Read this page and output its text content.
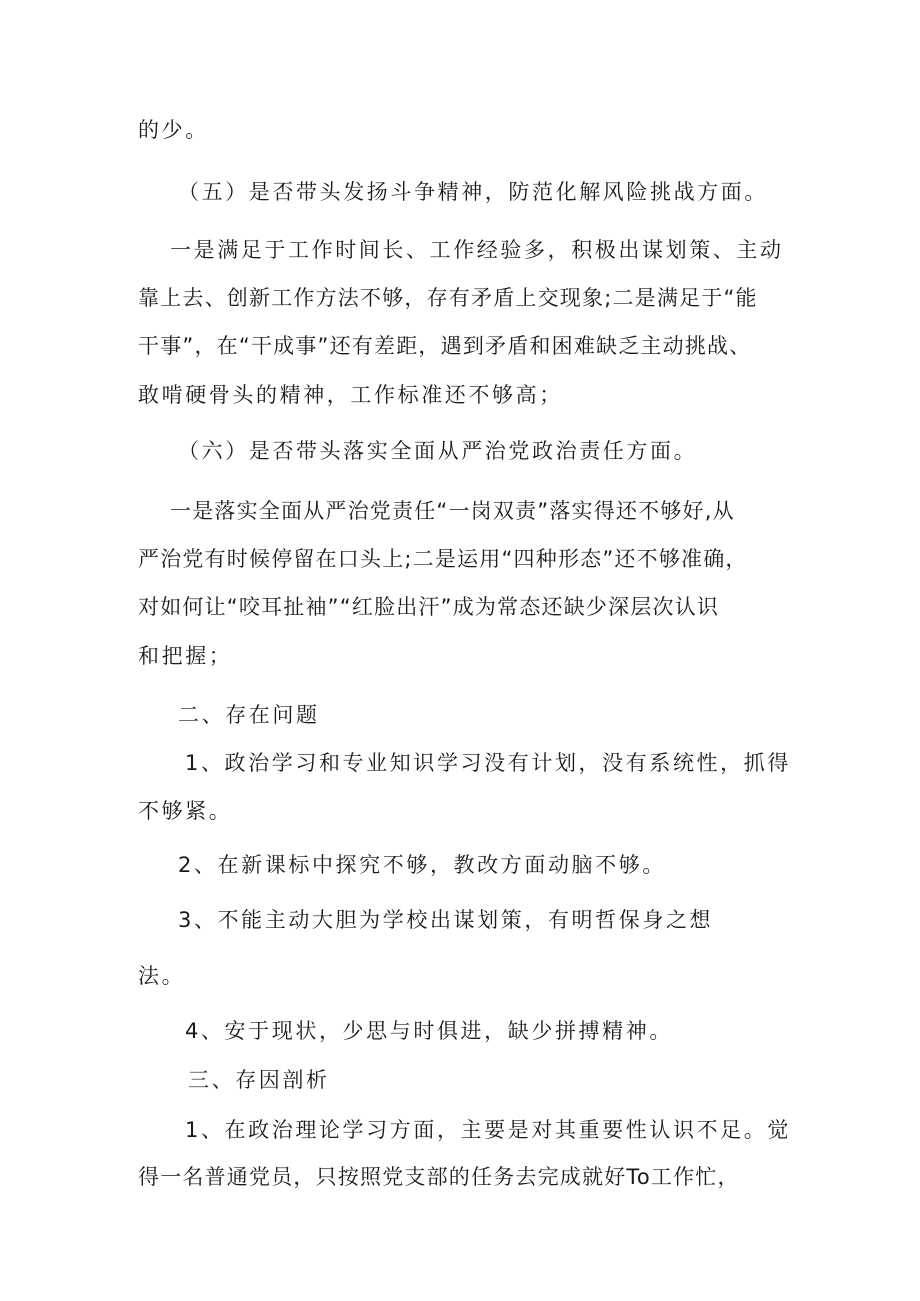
的少。
（五）是否带头发扬斗争精神，防范化解风险挑战方面。
一是满足于工作时间长、工作经验多，积极出谋划策、主动
靠上去、创新工作方法不够，存有矛盾上交现象;二是满足于“能
干事”，在“干成事”还有差距，遇到矛盾和困难缺乏主动挑战、
敢啃硬骨头的精神，工作标准还不够高；
（六）是否带头落实全面从严治党政治责任方面。
一是落实全面从严治党责任“一岗双责”落实得还不够好,从
严治党有时候停留在口头上;二是运用“四种形态”还不够准确，
对如何让“咬耳扯袖”“红脸出汗”成为常态还缺少深层次认识
和把握；
二、存在问题
1、政治学习和专业知识学习没有计划，没有系统性，抓得
不够紧。
2、在新课标中探究不够，教改方面动脑不够。
3、不能主动大胆为学校出谋划策，有明哲保身之想
法。
4、安于现状，少思与时俱进，缺少拼搏精神。
三、存因剖析
1、在政治理论学习方面，主要是对其重要性认识不足。觉
得一名普通党员，只按照党支部的任务去完成就好To工作忙，
